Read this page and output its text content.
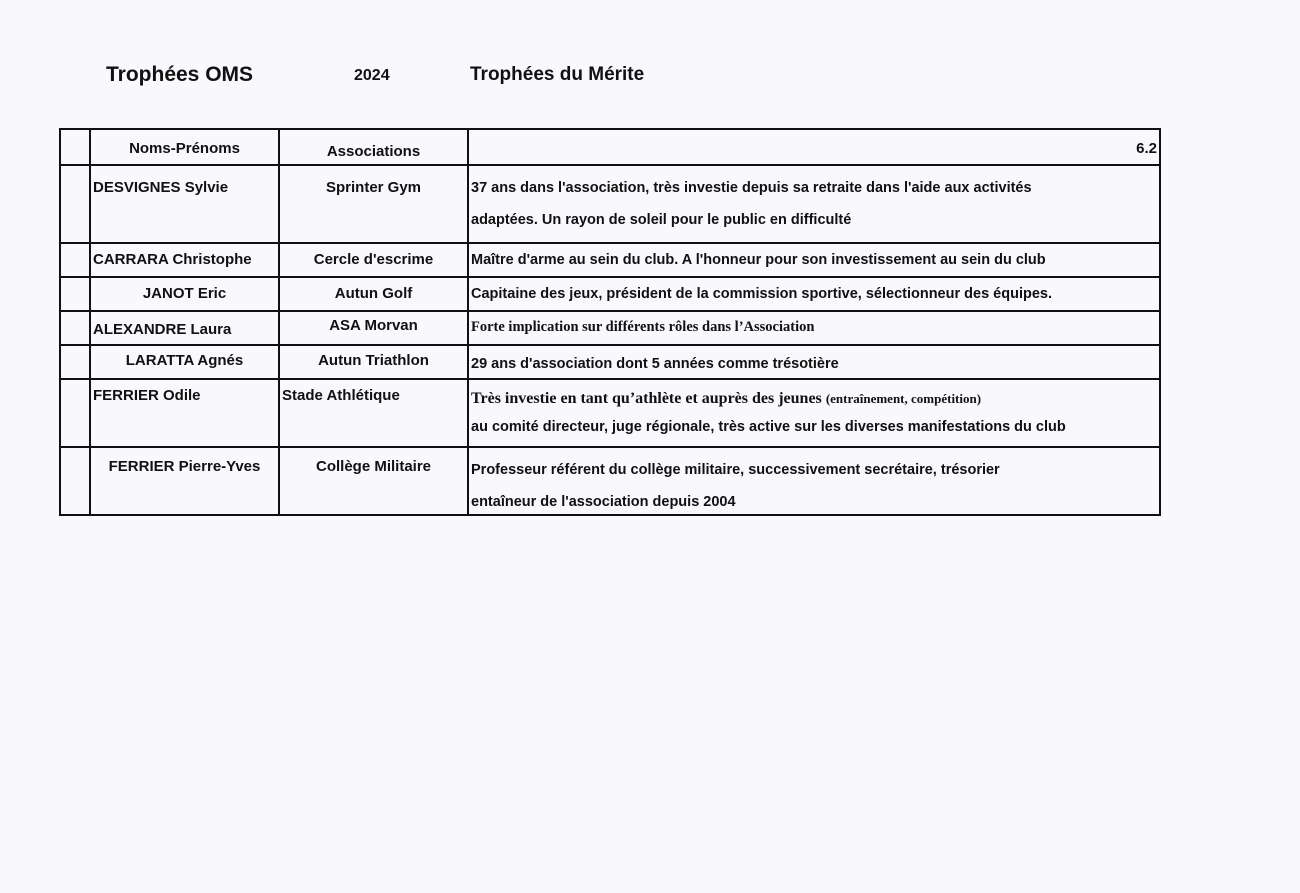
Trophées OMS	2024	Trophées du Mérite
	Noms-Prénoms	Associations	6.2
	DESVIGNES Sylvie	Sprinter Gym	37 ans dans l'association, très investie depuis sa retraite dans l'aide aux activités
adaptées. Un rayon de soleil pour le public en difficulté

	CARRARA Christophe	Cercle d'escrime	Maître d'arme au sein du club. A l'honneur pour son investissement au sein du club
	JANOT Eric	Autun Golf	Capitaine des jeux, président de la commission sportive, sélectionneur des équipes.
	ALEXANDRE Laura	ASA Morvan	Forte implication sur différents rôles dans l’Association
	LARATTA Agnés	Autun Triathlon	29 ans d'association dont 5 années comme trésotière
	FERRIER Odile	Stade Athlétique	Très investie en tant qu’athlète et auprès des jeunes (entraînement, compétition)
au comité directeur, juge régionale, très active sur les diverses manifestations du club

	FERRIER Pierre-Yves	Collège Militaire	Professeur référent du collège militaire, successivement secrétaire, trésorier
entaîneur de l'association depuis 2004
